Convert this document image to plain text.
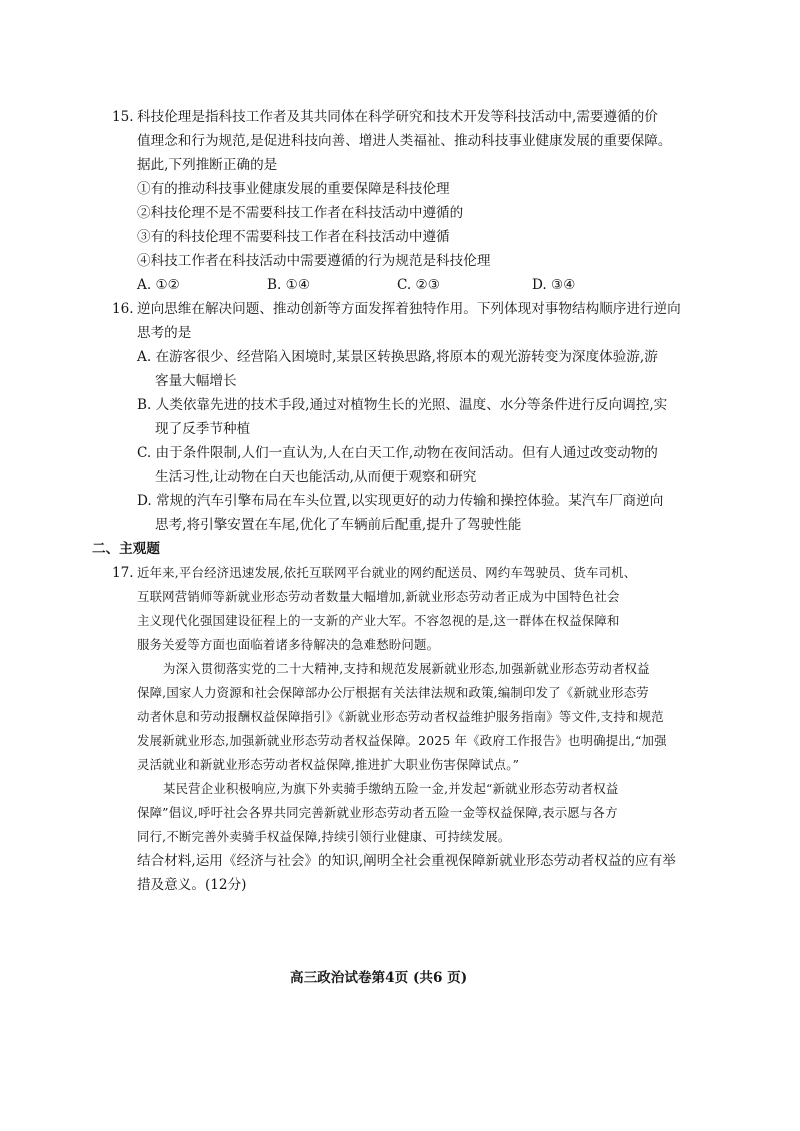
15. 科技伦理是指科技工作者及其共同体在科学研究和技术开发等科技活动中,需要遵循的价
值理念和行为规范,是促进科技向善、增进人类福祉、推动科技事业健康发展的重要保障。
据此,下列推断正确的是
①有的推动科技事业健康发展的重要保障是科技伦理
②科技伦理不是不需要科技工作者在科技活动中遵循的
③有的科技伦理不需要科技工作者在科技活动中遵循
④科技工作者在科技活动中需要遵循的行为规范是科技伦理
A. ①②	B. ①④	C. ②③	D. ③④
16. 逆向思维在解决问题、推动创新等方面发挥着独特作用。下列体现对事物结构顺序进行逆向
思考的是
A. 在游客很少、经营陷入困境时,某景区转换思路,将原本的观光游转变为深度体验游,游
客量大幅增长
B. 人类依靠先进的技术手段,通过对植物生长的光照、温度、水分等条件进行反向调控,实
现了反季节种植
C. 由于条件限制,人们一直认为,人在白天工作,动物在夜间活动。但有人通过改变动物的
生活习性,让动物在白天也能活动,从而便于观察和研究
D. 常规的汽车引擎布局在车头位置,以实现更好的动力传输和操控体验。某汽车厂商逆向
思考,将引擎安置在车尾,优化了车辆前后配重,提升了驾驶性能
二、主观题
17. 近年来,平台经济迅速发展,依托互联网平台就业的网约配送员、网约车驾驶员、货车司机、
互联网营销师等新就业形态劳动者数量大幅增加,新就业形态劳动者正成为中国特色社会
主义现代化强国建设征程上的一支新的产业大军。不容忽视的是,这一群体在权益保障和
服务关爱等方面也面临着诸多待解决的急难愁盼问题。
为深入贯彻落实党的二十大精神,支持和规范发展新就业形态,加强新就业形态劳动者权益
保障,国家人力资源和社会保障部办公厅根据有关法律法规和政策,编制印发了《新就业形态劳
动者休息和劳动报酬权益保障指引》《新就业形态劳动者权益维护服务指南》等文件,支持和规范
发展新就业形态,加强新就业形态劳动者权益保障。2025 年《政府工作报告》也明确提出,“加强
灵活就业和新就业形态劳动者权益保障,推进扩大职业伤害保障试点。”
某民营企业积极响应,为旗下外卖骑手缴纳五险一金,并发起“新就业形态劳动者权益
保障”倡议,呼吁社会各界共同完善新就业形态劳动者五险一金等权益保障,表示愿与各方
同行,不断完善外卖骑手权益保障,持续引领行业健康、可持续发展。
结合材料,运用《经济与社会》的知识,阐明全社会重视保障新就业形态劳动者权益的应有举
措及意义。(12分)
高三政治试卷第4页 (共6 页)
